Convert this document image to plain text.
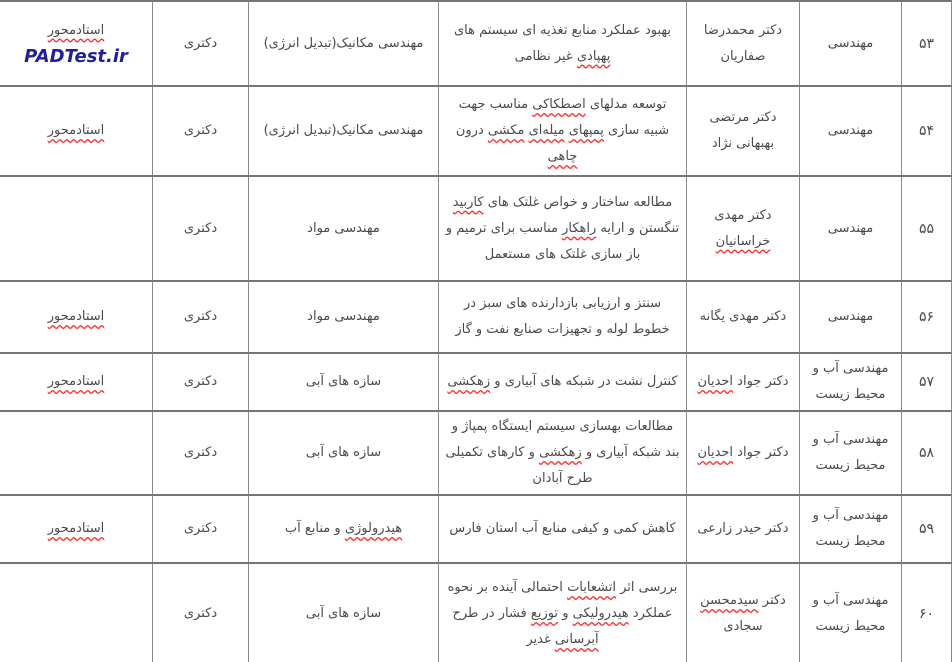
۵۳	مهندسی	دکتر محمدرضا صفاریان	بهبود عملکرد منابع تغذیه ای سیستم های پهپادی غیر نظامی	مهندسی مکانیک(تبدیل انرژی)	دکتری	استادمحور
PADTest.ir

۵۴	مهندسی	دکتر مرتضی بهبهانی نژاد	توسعه مدلهای اصطکاکی مناسب جهت شبیه سازی پمپهای میله‌ای مکشی درون چاهی	مهندسی مکانیک(تبدیل انرژی)	دکتری	استادمحور
۵۵	مهندسی	دکتر مهدی خراسانیان	مطالعه ساختار و خواص غلتک های کاربید تنگستن و ارایه راهکار مناسب برای ترمیم و باز سازی غلتک های مستعمل	مهندسی مواد	دکتری	
۵۶	مهندسی	دکتر مهدی یگانه	سنتز و ارزیابی بازدارنده های سبز در خطوط لوله و تجهیزات صنایع نفت و گاز	مهندسی مواد	دکتری	استادمحور
۵۷	مهندسی آب و محیط زیست	دکتر جواد احدیان	کنترل نشت در شبکه های آبیاری و زهکشی	سازه های آبی	دکتری	استادمحور
۵۸	مهندسی آب و محیط زیست	دکتر جواد احدیان	مطالعات بهسازی سیستم ایستگاه پمپاژ و بند شبکه آبیاری و زهکشی و کارهای تکمیلی طرح آبادان	سازه های آبی	دکتری	
۵۹	مهندسی آب و محیط زیست	دکتر حیدر زارعی	کاهش کمی و کیفی منابع آب استان فارس	هیدرولوژی و منابع آب	دکتری	استادمحور
۶۰	مهندسی آب و محیط زیست	دکتر سیدمحسن سجادی	بررسی اثر اتشعابات احتمالی آینده بر نحوه عملکرد هیدرولیکی و توزیع فشار در طرح آبرسانی غدیر	سازه های آبی	دکتری	
